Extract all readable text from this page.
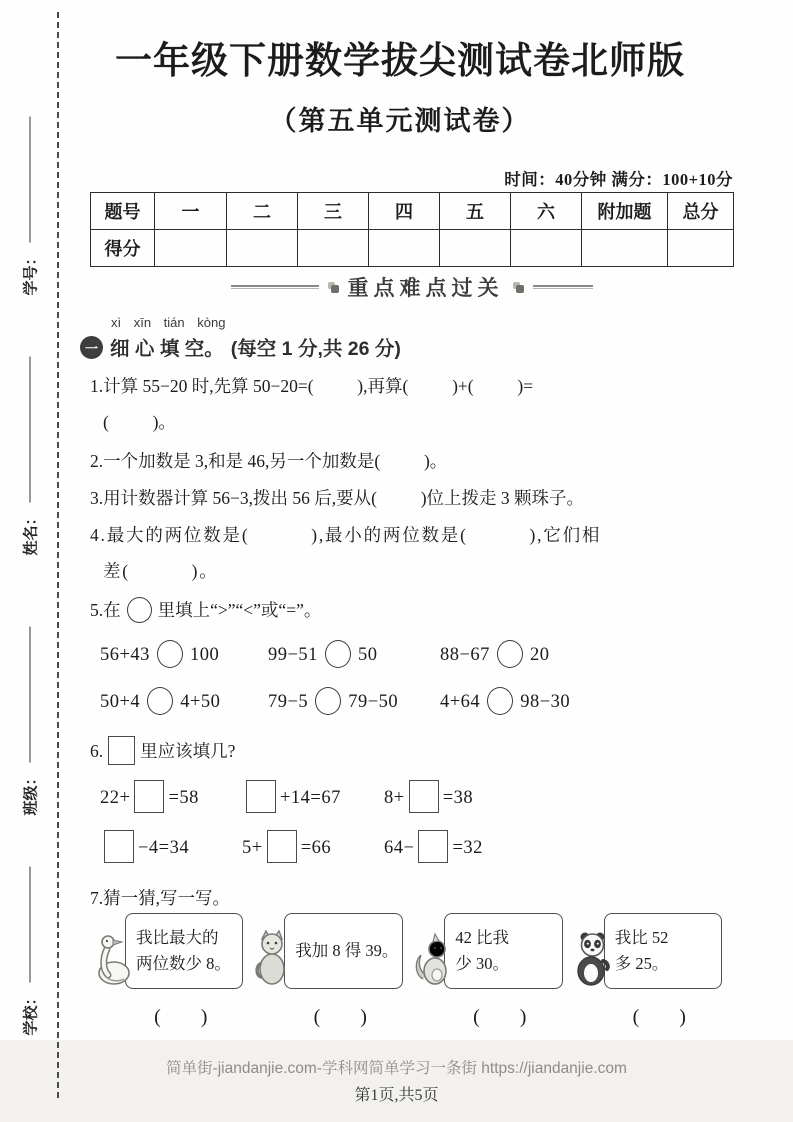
学号：
姓名：
班级：
学校：
一年级下册数学拔尖测试卷北师版
（第五单元测试卷）
时间：40分钟 满分：100+10分
题号	一	二	三	四	五	六	附加题	总分
得分								
重点难点过关
xì xīn tián kòng
一 细 心 填 空。 (每空 1 分,共 26 分)
1.计算 55−20 时,先算 50−20=(          ),再算(          )+(          )=
(          )。
2.一个加数是 3,和是 46,另一个加数是(          )。
3.用计数器计算 56−3,拨出 56 后,要从(          )位上拨走 3 颗珠子。
4.最大的两位数是(          ),最小的两位数是(          ),它们相
差(          )。
5.在 里填上“>”“<”或“=”。
56+43 100	99−51 50	88−67 20
50+4 4+50	79−5 79−50	4+64 98−30
6. 里应该填几?
22+ =58	+14=67	8+ =38
−4=34	5+ =66	64− =32
7.猜一猜,写一写。
我比最大的
两位数少 8。
我加 8 得 39。
42 比我
少 30。
我比 52
多 25。
(        )	(        )	(        )	(        )
简单街-jiandanjie.com-学科网简单学习一条街 https://jiandanjie.com
第1页,共5页
